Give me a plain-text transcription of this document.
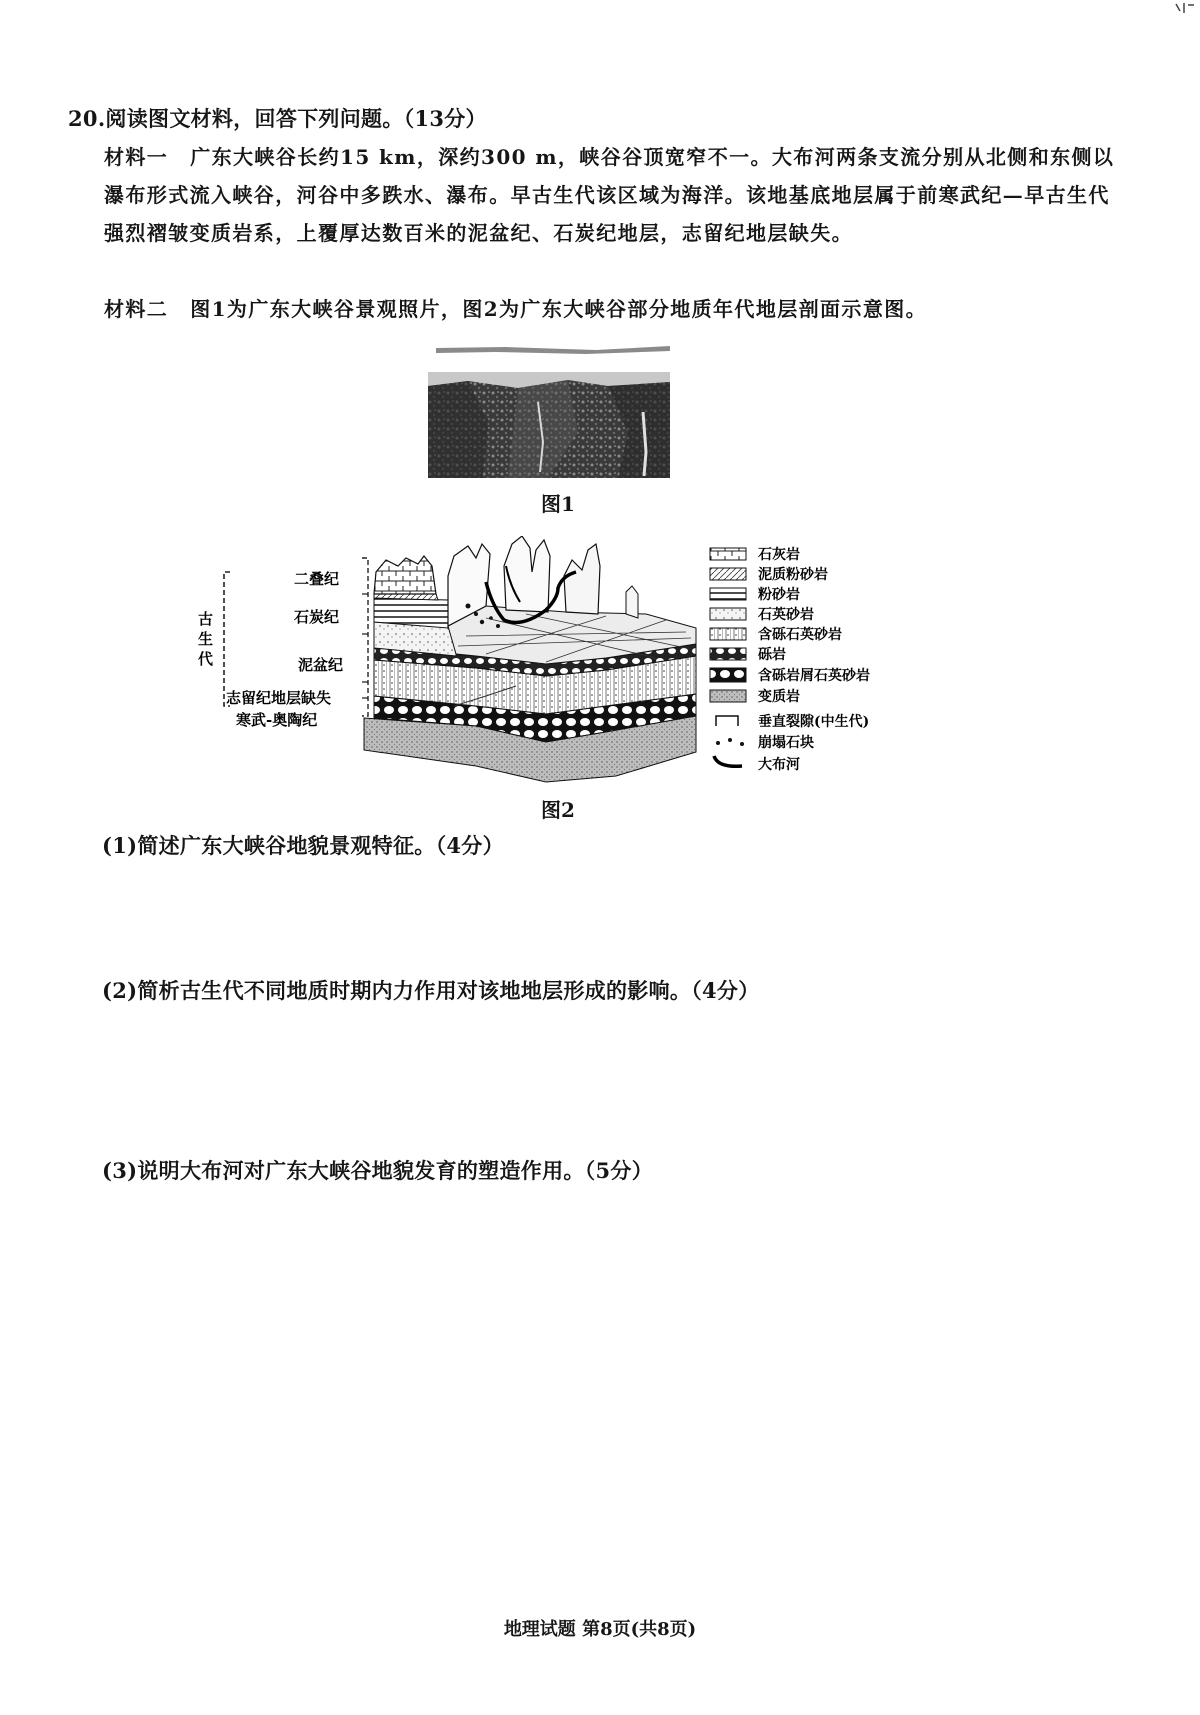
20.阅读图文材料，回答下列问题。（13分）
材料一 广东大峡谷长约15 km，深约300 m，峡谷谷顶宽窄不一。大布河两条支流分别从北侧和东侧以瀑布形式流入峡谷，河谷中多跌水、瀑布。早古生代该区域为海洋。该地基底地层属于前寒武纪—早古生代强烈褶皱变质岩系，上覆厚达数百米的泥盆纪、石炭纪地层，志留纪地层缺失。
材料二 图1为广东大峡谷景观照片，图2为广东大峡谷部分地质年代地层剖面示意图。
图1
古
生
代
二叠纪
石炭纪
泥盆纪
志留纪地层缺失
寒武-奥陶纪
石灰岩
泥质粉砂岩
粉砂岩
石英砂岩
含砾石英砂岩
砾岩
含砾岩屑石英砂岩
变质岩
垂直裂隙(中生代)
崩塌石块
大布河
图2
(1)简述广东大峡谷地貌景观特征。（4分）
(2)简析古生代不同地质时期内力作用对该地地层形成的影响。（4分）
(3)说明大布河对广东大峡谷地貌发育的塑造作用。（5分）
地理试题 第8页(共8页)
